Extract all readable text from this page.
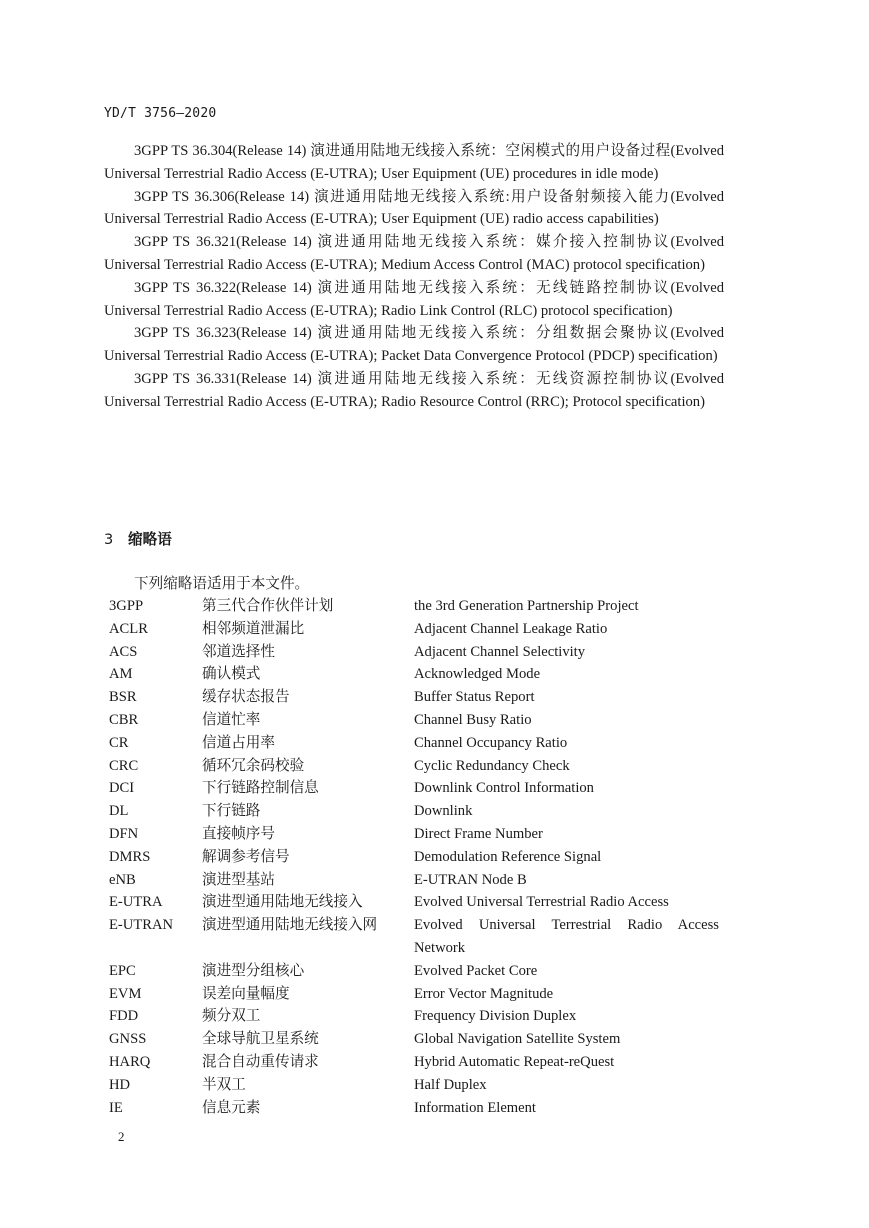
YD/T 3756—2020

3GPP TS 36.304(Release 14) 演进通用陆地无线接入系统：空闲模式的用户设备过程(Evolved Universal Terrestrial Radio Access (E-UTRA); User Equipment (UE) procedures in idle mode)

3GPP TS 36.306(Release 14) 演进通用陆地无线接入系统:用户设备射频接入能力(Evolved Universal Terrestrial Radio Access (E-UTRA); User Equipment (UE) radio access capabilities)

3GPP TS 36.321(Release 14) 演进通用陆地无线接入系统：媒介接入控制协议(Evolved Universal Terrestrial Radio Access (E-UTRA); Medium Access Control (MAC) protocol specification)

3GPP TS 36.322(Release 14) 演进通用陆地无线接入系统：无线链路控制协议(Evolved Universal Terrestrial Radio Access (E-UTRA); Radio Link Control (RLC) protocol specification)

3GPP TS 36.323(Release 14) 演进通用陆地无线接入系统：分组数据会聚协议(Evolved Universal Terrestrial Radio Access (E-UTRA); Packet Data Convergence Protocol (PDCP) specification)

3GPP TS 36.331(Release 14) 演进通用陆地无线接入系统：无线资源控制协议(Evolved Universal Terrestrial Radio Access (E-UTRA); Radio Resource Control (RRC); Protocol specification)

3 缩略语
下列缩略语适用于本文件。
3GPP	第三代合作伙伴计划	the 3rd Generation Partnership Project
ACLR	相邻频道泄漏比	Adjacent Channel Leakage Ratio
ACS	邻道选择性	Adjacent Channel Selectivity
AM	确认模式	Acknowledged Mode
BSR	缓存状态报告	Buffer Status Report
CBR	信道忙率	Channel Busy Ratio
CR	信道占用率	Channel Occupancy Ratio
CRC	循环冗余码校验	Cyclic Redundancy Check
DCI	下行链路控制信息	Downlink Control Information
DL	下行链路	Downlink
DFN	直接帧序号	Direct Frame Number
DMRS	解调参考信号	Demodulation Reference Signal
eNB	演进型基站	E-UTRAN Node B
E-UTRA	演进型通用陆地无线接入	Evolved Universal Terrestrial Radio Access
E-UTRAN	演进型通用陆地无线接入网	Evolved Universal Terrestrial Radio Access Network
EPC	演进型分组核心	Evolved Packet Core
EVM	误差向量幅度	Error Vector Magnitude
FDD	频分双工	Frequency Division Duplex
GNSS	全球导航卫星系统	Global Navigation Satellite System
HARQ	混合自动重传请求	Hybrid Automatic Repeat-reQuest
HD	半双工	Half Duplex
IE	信息元素	Information Element
2
